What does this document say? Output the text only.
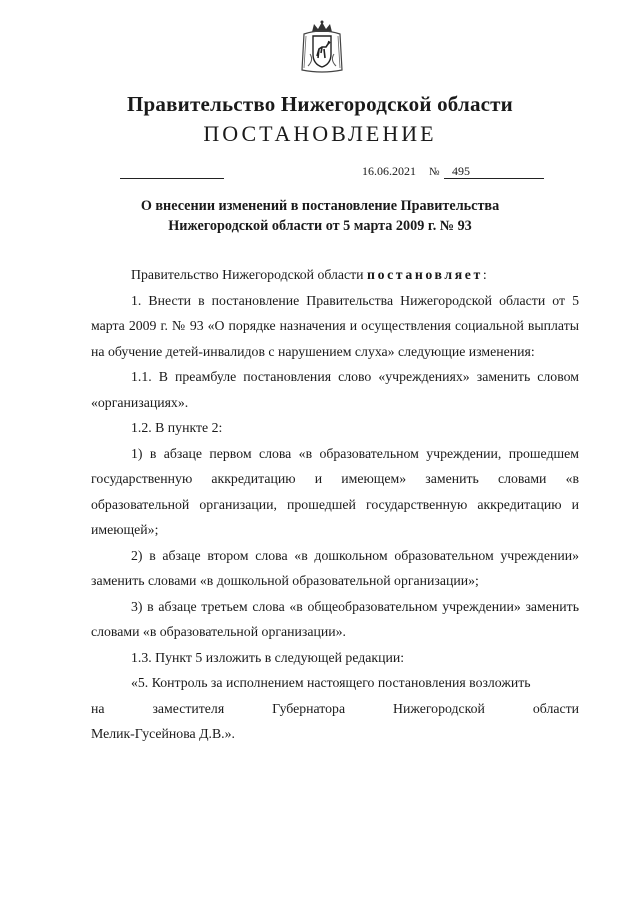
Правительство Нижегородской области
ПОСТАНОВЛЕНИЕ
16.06.2021 № 495
О внесении изменений в постановление Правительства
Нижегородской области от 5 марта 2009 г. № 93

Правительство Нижегородской области постановляет:

1. Внести в постановление Правительства Нижегородской области от 5 марта 2009 г. № 93 «О порядке назначения и осуществления социальной выплаты на обучение детей-инвалидов с нарушением слуха» следующие изменения:

1.1. В преамбуле постановления слово «учреждениях» заменить словом «организациях».

1.2. В пункте 2:

1) в абзаце первом слова «в образовательном учреждении, прошедшем государственную аккредитацию и имеющем» заменить словами «в образовательной организации, прошедшей государственную аккредитацию и имеющей»;

2) в абзаце втором слова «в дошкольном образовательном учреждении» заменить словами «в дошкольной образовательной организации»;

3) в абзаце третьем слова «в общеобразовательном учреждении» заменить словами «в образовательной организации».

1.3. Пункт 5 изложить в следующей редакции:

«5. Контроль за исполнением настоящего постановления возложить

на заместителя Губернатора Нижегородской области

Мелик-Гусейнова Д.В.».
